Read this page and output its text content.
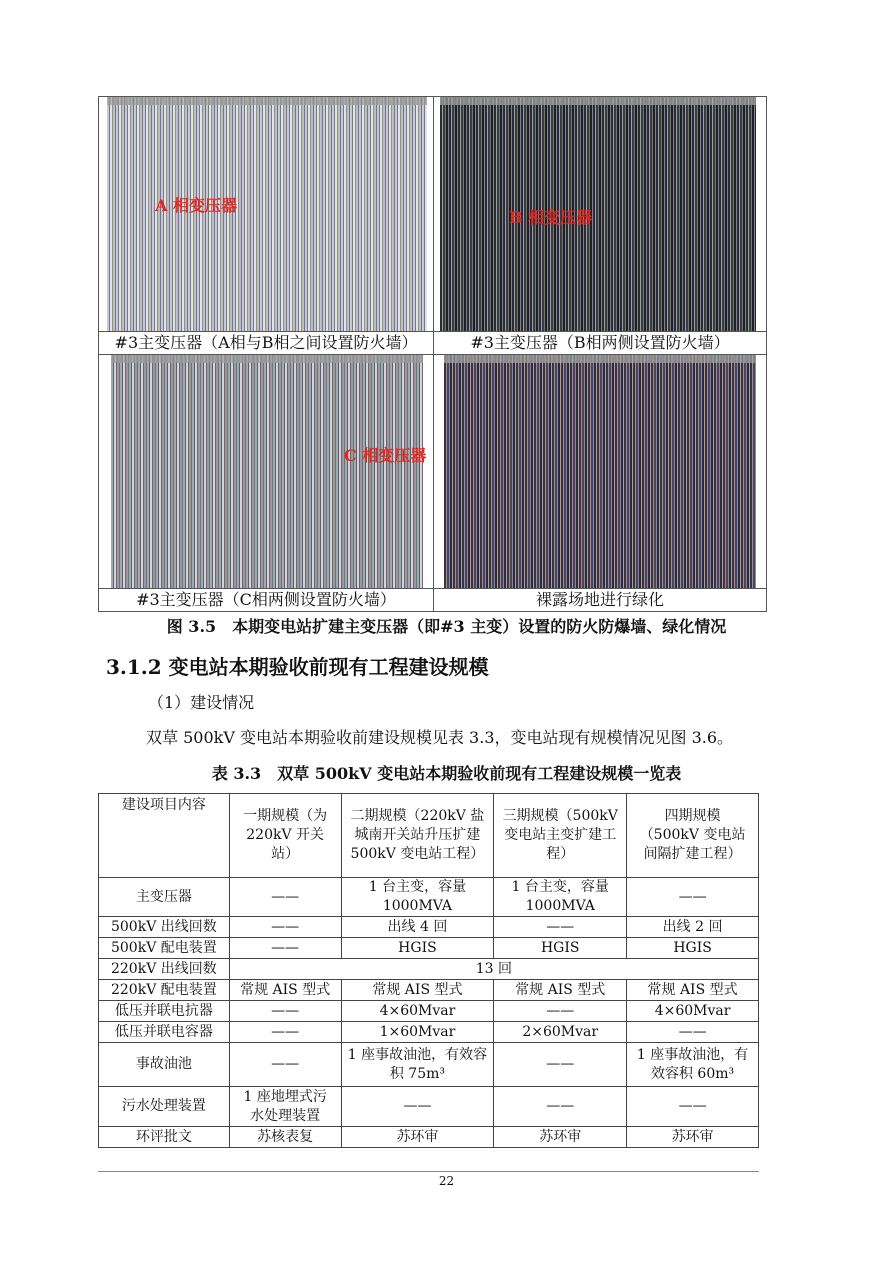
A 相变压器
B 相变压器
#3主变压器（A相与B相之间设置防火墙）	#3主变压器（B相两侧设置防火墙）
C 相变压器
#3主变压器（C相两侧设置防火墙）	裸露场地进行绿化
图 3.5　本期变电站扩建主变压器（即#3 主变）设置的防火防爆墙、绿化情况
3.1.2 变电站本期验收前现有工程建设规模
（1）建设情况
双草 500kV 变电站本期验收前建设规模见表 3.3，变电站现有规模情况见图 3.6。
表 3.3　双草 500kV 变电站本期验收前现有工程建设规模一览表
建设项目内容	一期规模（为 220kV 开关站）	二期规模（220kV 盐城南开关站升压扩建 500kV 变电站工程）	三期规模（500kV 变电站主变扩建工程）	四期规模（500kV 变电站间隔扩建工程）
主变压器	——	1 台主变，容量 1000MVA	1 台主变，容量 1000MVA	——
500kV 出线回数	——	出线 4 回	——	出线 2 回
500kV 配电装置	——	HGIS	HGIS	HGIS
220kV 出线回数	13 回			
220kV 配电装置	常规 AIS 型式	常规 AIS 型式	常规 AIS 型式	常规 AIS 型式
低压并联电抗器	——	4×60Mvar	——	4×60Mvar
低压并联电容器	——	1×60Mvar	2×60Mvar	——
事故油池	——	1 座事故油池，有效容积 75m³	——	1 座事故油池，有效容积 60m³
污水处理装置	1 座地埋式污水处理装置	——	——	——
环评批文	苏核表复	苏环审	苏环审	苏环审
22
